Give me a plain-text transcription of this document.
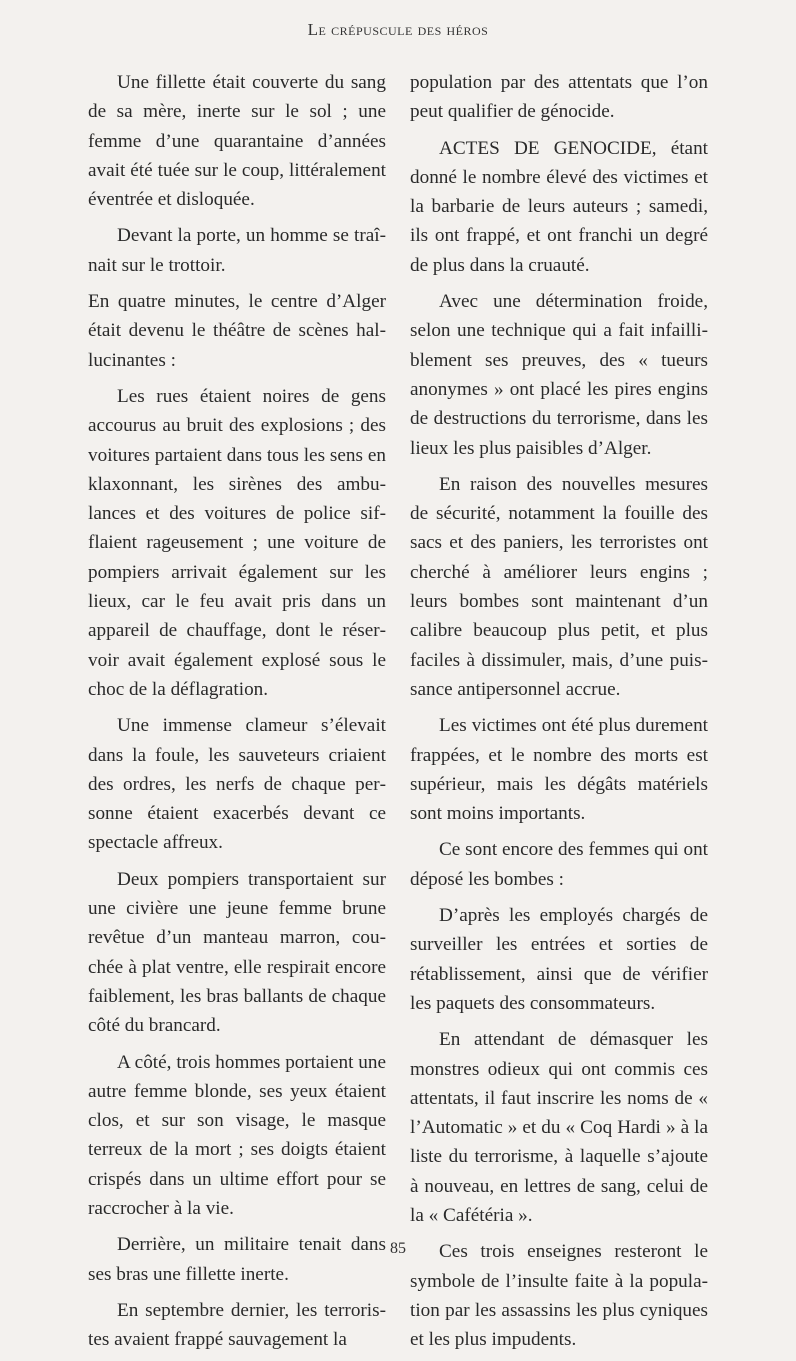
Le crépuscule des héros

Une fillette était couverte du sang de sa mère, inerte sur le sol ; une femme d’une quarantaine d’années avait été tuée sur le coup, littéralement éventrée et disloquée.

Devant la porte, un homme se traînait sur le trottoir.

En quatre minutes, le centre d’Alger était devenu le théâtre de scènes hallucinantes :

Les rues étaient noires de gens accourus au bruit des explosions ; des voitures partaient dans tous les sens en klaxonnant, les sirènes des ambulances et des voitures de police sifflaient rageusement ; une voiture de pompiers arrivait également sur les lieux, car le feu avait pris dans un appareil de chauffage, dont le réservoir avait également explosé sous le choc de la déflagration.

Une immense clameur s’élevait dans la foule, les sauveteurs criaient des ordres, les nerfs de chaque personne étaient exacerbés devant ce spectacle affreux.

Deux pompiers transportaient sur une civière une jeune femme brune revêtue d’un manteau marron, couchée à plat ventre, elle respirait encore faiblement, les bras ballants de chaque côté du brancard.

A côté, trois hommes portaient une autre femme blonde, ses yeux étaient clos, et sur son visage, le masque terreux de la mort ; ses doigts étaient crispés dans un ultime effort pour se raccrocher à la vie.

Derrière, un militaire tenait dans ses bras une fillette inerte.

En septembre dernier, les terroristes avaient frappé sauvagement la

population par des attentats que l’on peut qualifier de génocide.

ACTES DE GENOCIDE, étant donné le nombre élevé des victimes et la barbarie de leurs auteurs ; samedi, ils ont frappé, et ont franchi un degré de plus dans la cruauté.

Avec une détermination froide, selon une technique qui a fait infailliblement ses preuves, des « tueurs anonymes » ont placé les pires engins de destructions du terrorisme, dans les lieux les plus paisibles d’Alger.

En raison des nouvelles mesures de sécurité, notamment la fouille des sacs et des paniers, les terroristes ont cherché à améliorer leurs engins ; leurs bombes sont maintenant d’un calibre beaucoup plus petit, et plus faciles à dissimuler, mais, d’une puissance antipersonnel accrue.

Les victimes ont été plus durement frappées, et le nombre des morts est supérieur, mais les dégâts matériels sont moins importants.

Ce sont encore des femmes qui ont déposé les bombes :

D’après les employés chargés de surveiller les entrées et sorties de rétablissement, ainsi que de vérifier les paquets des consommateurs.

En attendant de démasquer les monstres odieux qui ont commis ces attentats, il faut inscrire les noms de « l’Automatic » et du « Coq Hardi » à la liste du terrorisme, à laquelle s’ajoute à nouveau, en lettres de sang, celui de la « Cafétéria ».

Ces trois enseignes resteront le symbole de l’insulte faite à la population par les assassins les plus cyniques et les plus impudents.

85
